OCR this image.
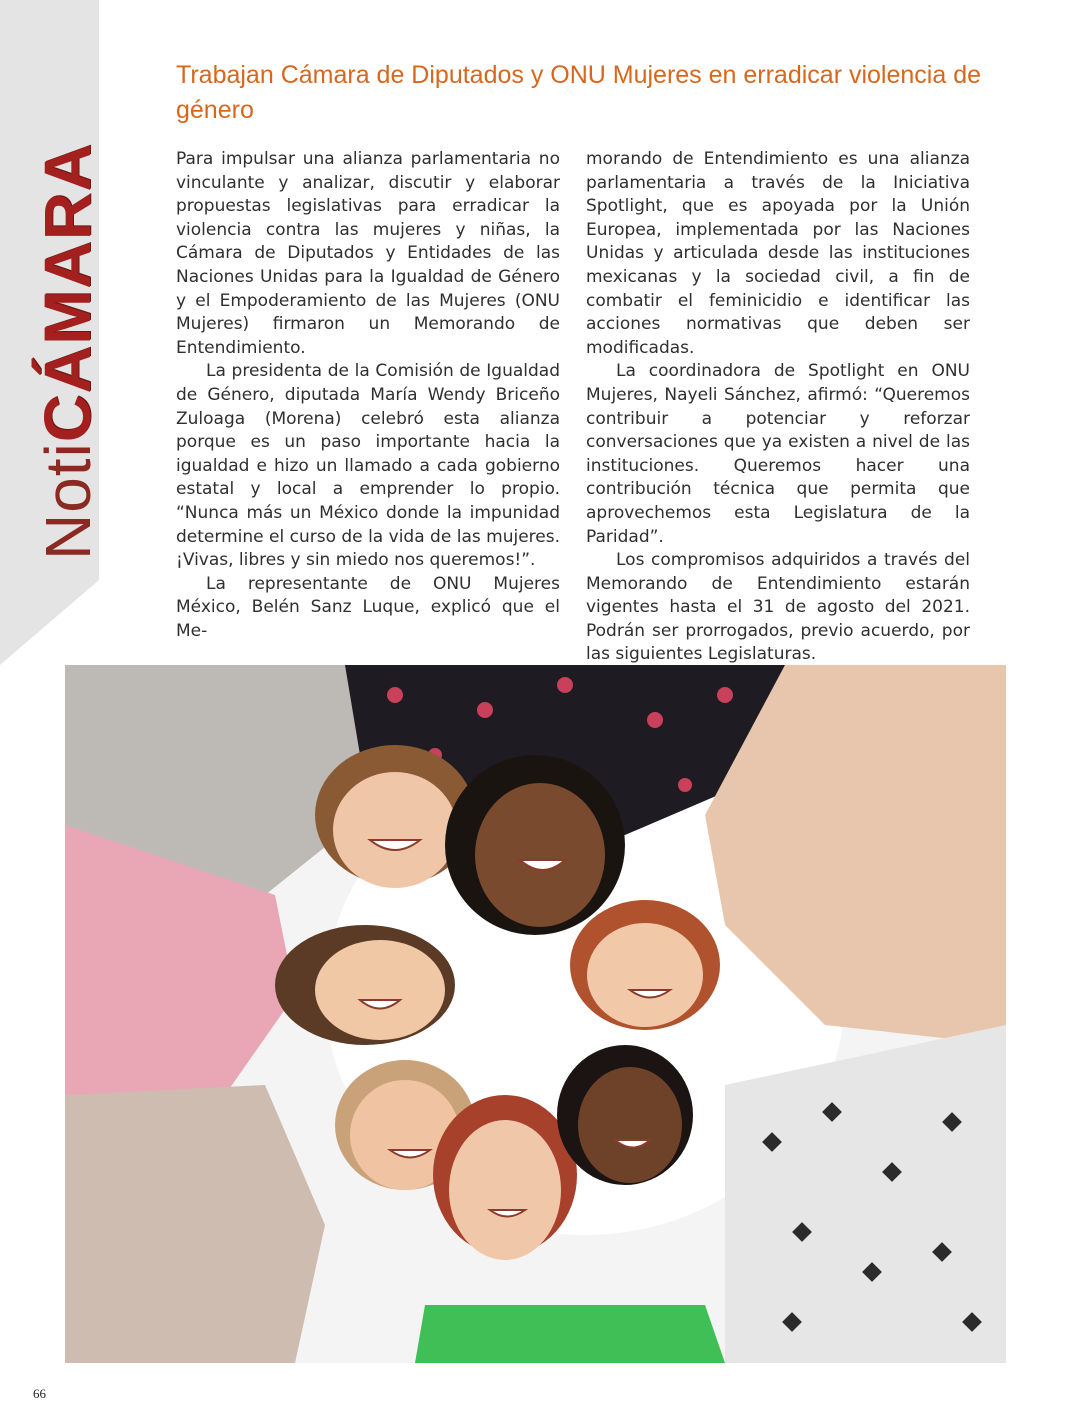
NotiCÁMARA
Trabajan Cámara de Diputados y ONU Mujeres en erradicar violencia de género

Para impulsar una alianza parlamentaria no vinculante y analizar, discutir y elaborar propuestas legislativas para erradicar la violencia contra las mujeres y niñas, la Cámara de Diputados y Entidades de las Naciones Unidas para la Igualdad de Género y el Empoderamiento de las Mujeres (ONU Mujeres) firmaron un Memorando de Entendimiento.

La presidenta de la Comisión de Igualdad de Género, diputada María Wendy Briceño Zuloaga (Morena) celebró esta alianza porque es un paso importante hacia la igualdad e hizo un llamado a cada gobierno estatal y local a emprender lo propio. “Nunca más un México donde la impunidad determine el curso de la vida de las mujeres. ¡Vivas, libres y sin miedo nos queremos!”.

La representante de ONU Mujeres México, Belén Sanz Luque, explicó que el Me-

morando de Entendimiento es una alianza parlamentaria a través de la Iniciativa Spotlight, que es apoyada por la Unión Europea, implementada por las Naciones Unidas y articulada desde las instituciones mexicanas y la sociedad civil, a fin de combatir el feminicidio e identificar las acciones normativas que deben ser modificadas.

La coordinadora de Spotlight en ONU Mujeres, Nayeli Sánchez, afirmó: “Queremos contribuir a potenciar y reforzar conversaciones que ya existen a nivel de las instituciones. Queremos hacer una contribución técnica que permita que aprovechemos esta Legislatura de la Paridad”.

Los compromisos adquiridos a través del Memorando de Entendimiento estarán vigentes hasta el 31 de agosto del 2021. Podrán ser prorrogados, previo acuerdo, por las siguientes Legislaturas.

66
